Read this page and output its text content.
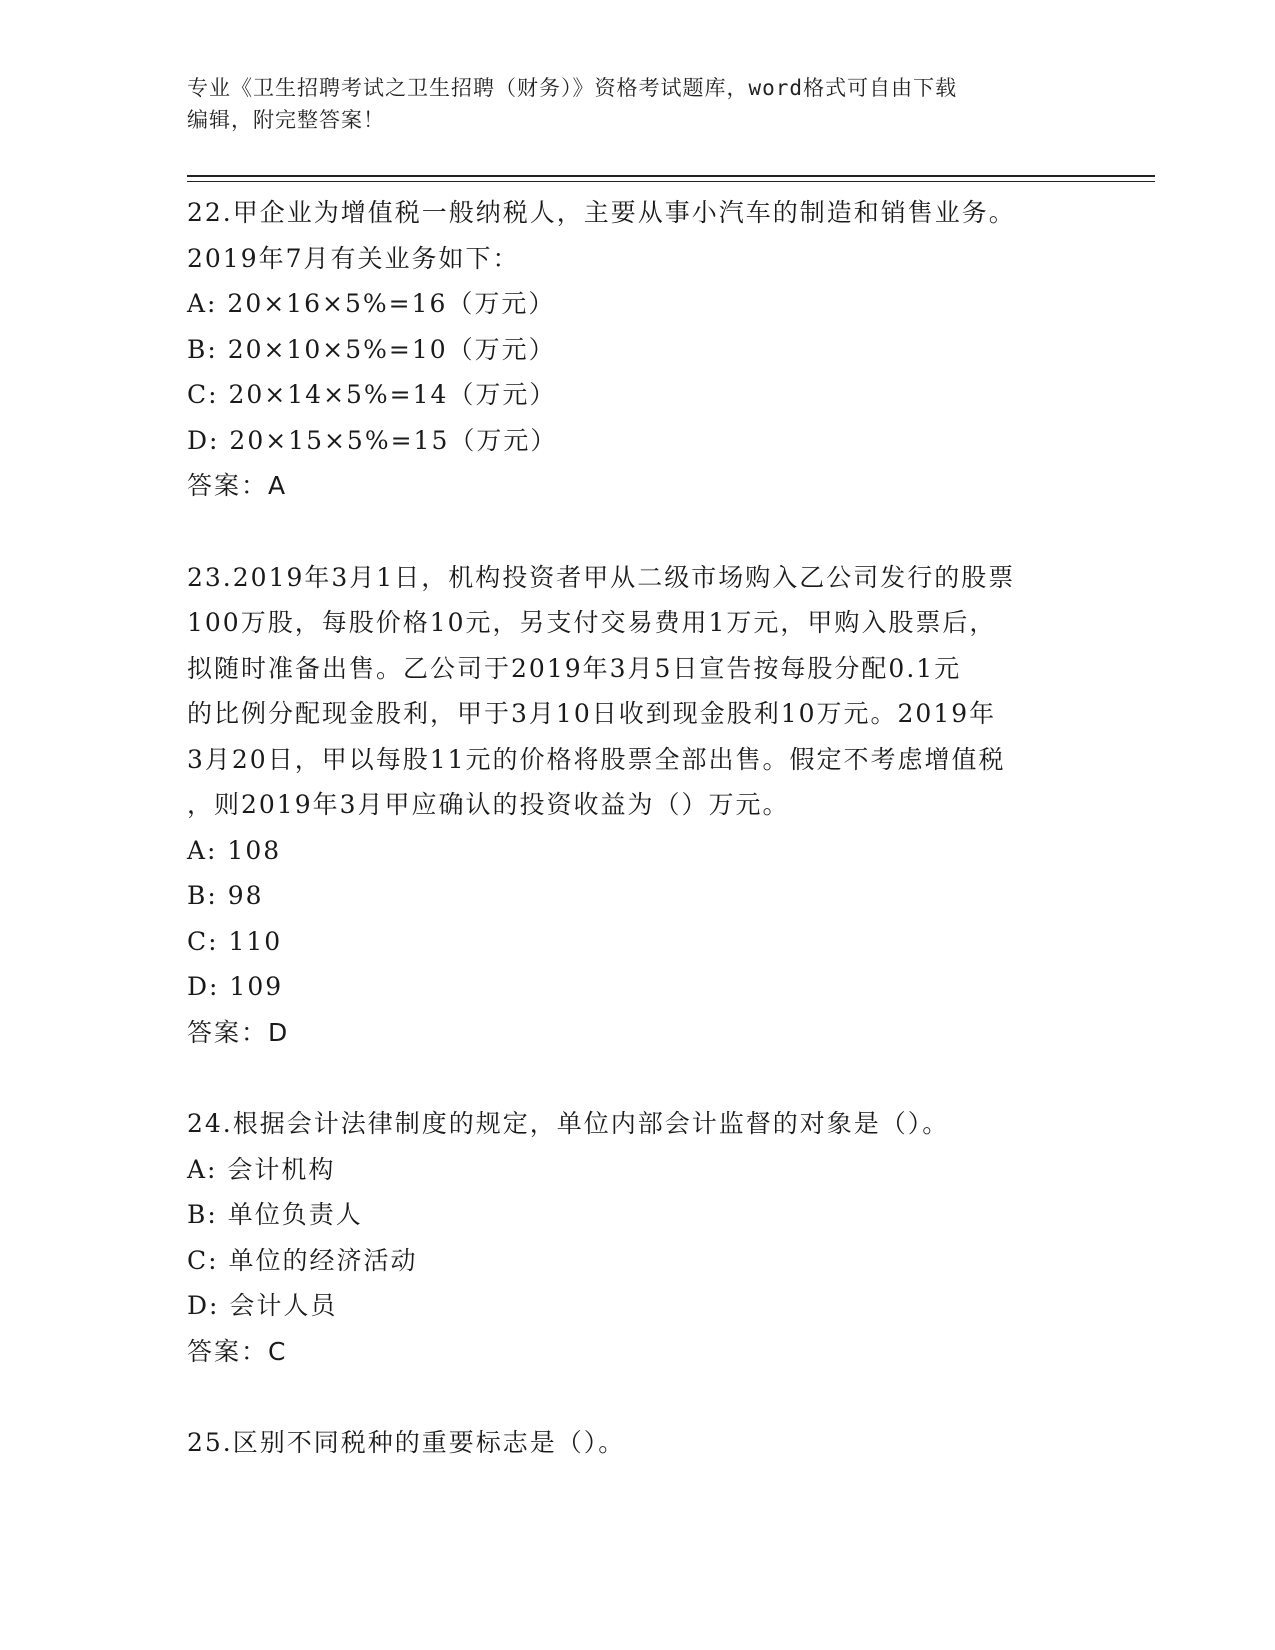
专业《卫生招聘考试之卫生招聘（财务）》资格考试题库，word格式可自由下载
编辑，附完整答案！
22.甲企业为增值税一般纳税人，主要从事小汽车的制造和销售业务。
2019年7月有关业务如下：
A: 20×16×5%=16（万元）
B: 20×10×5%=10（万元）
C: 20×14×5%=14（万元）
D: 20×15×5%=15（万元）
答案：A
23.2019年3月1日，机构投资者甲从二级市场购入乙公司发行的股票
100万股，每股价格10元，另支付交易费用1万元，甲购入股票后，
拟随时准备出售。乙公司于2019年3月5日宣告按每股分配0.1元
的比例分配现金股利，甲于3月10日收到现金股利10万元。2019年
3月20日，甲以每股11元的价格将股票全部出售。假定不考虑增值税
，则2019年3月甲应确认的投资收益为（）万元。
A: 108
B: 98
C: 110
D: 109
答案：D
24.根据会计法律制度的规定，单位内部会计监督的对象是（）。
A: 会计机构
B: 单位负责人
C: 单位的经济活动
D: 会计人员
答案：C
25.区别不同税种的重要标志是（）。
